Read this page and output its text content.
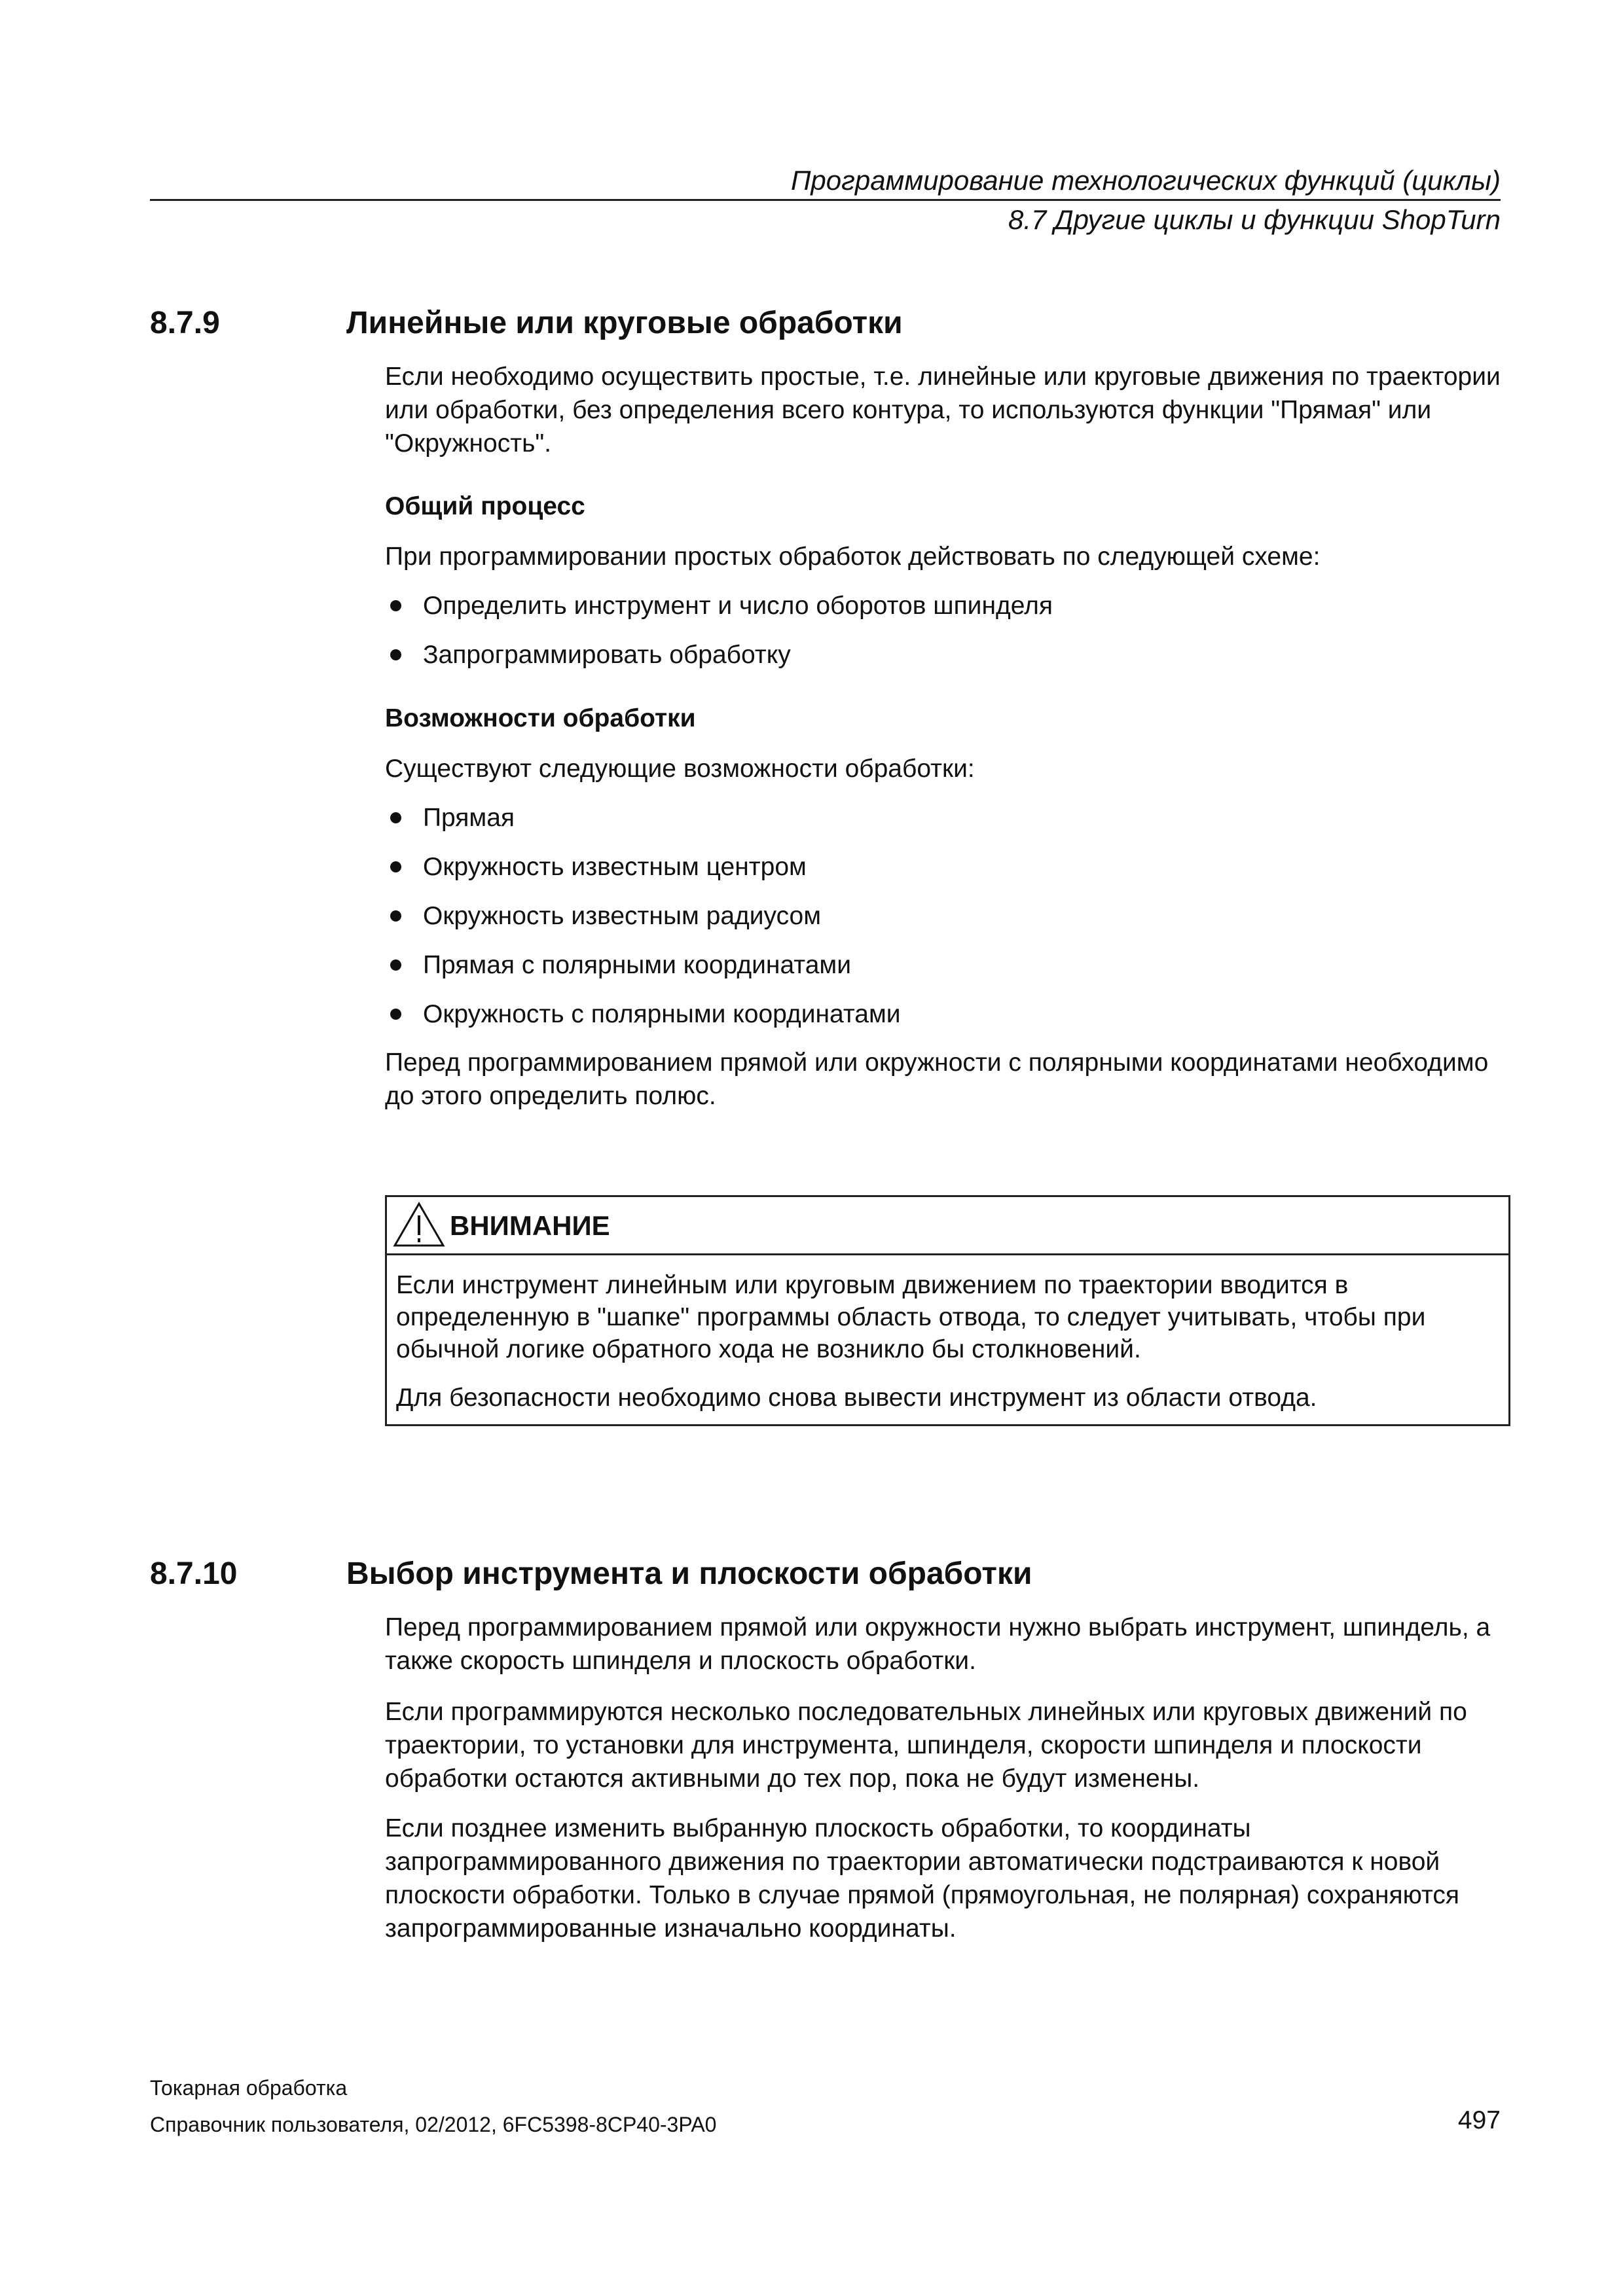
Программирование технологических функций (циклы)
8.7 Другие циклы и функции ShopTurn
8.7.9	Линейные или круговые обработки
Если необходимо осуществить простые, т.е. линейные или круговые движения по траектории или обработки, без определения всего контура, то используются функции "Прямая" или "Окружность".
Общий процесс
При программировании простых обработок действовать по следующей схеме:
Определить инструмент и число оборотов шпинделя
Запрограммировать обработку
Возможности обработки
Существуют следующие возможности обработки:
Прямая
Окружность известным центром
Окружность известным радиусом
Прямая с полярными координатами
Окружность с полярными координатами
Перед программированием прямой или окружности с полярными координатами необходимо до этого определить полюс.
ВНИМАНИЕ
Если инструмент линейным или круговым движением по траектории вводится в определенную в "шапке" программы область отвода, то следует учитывать, чтобы при обычной логике обратного хода не возникло бы столкновений.
Для безопасности необходимо снова вывести инструмент из области отвода.
8.7.10	Выбор инструмента и плоскости обработки
Перед программированием прямой или окружности нужно выбрать инструмент, шпиндель, а также скорость шпинделя и плоскость обработки.
Если программируются несколько последовательных линейных или круговых движений по траектории, то установки для инструмента, шпинделя, скорости шпинделя и плоскости обработки остаются активными до тех пор, пока не будут изменены.
Если позднее изменить выбранную плоскость обработки, то координаты запрограммированного движения по траектории автоматически подстраиваются к новой плоскости обработки. Только в случае прямой (прямоугольная, не полярная) сохраняются запрограммированные изначально координаты.
Токарная обработка
Справочник пользователя, 02/2012, 6FC5398-8CP40-3PA0	497
